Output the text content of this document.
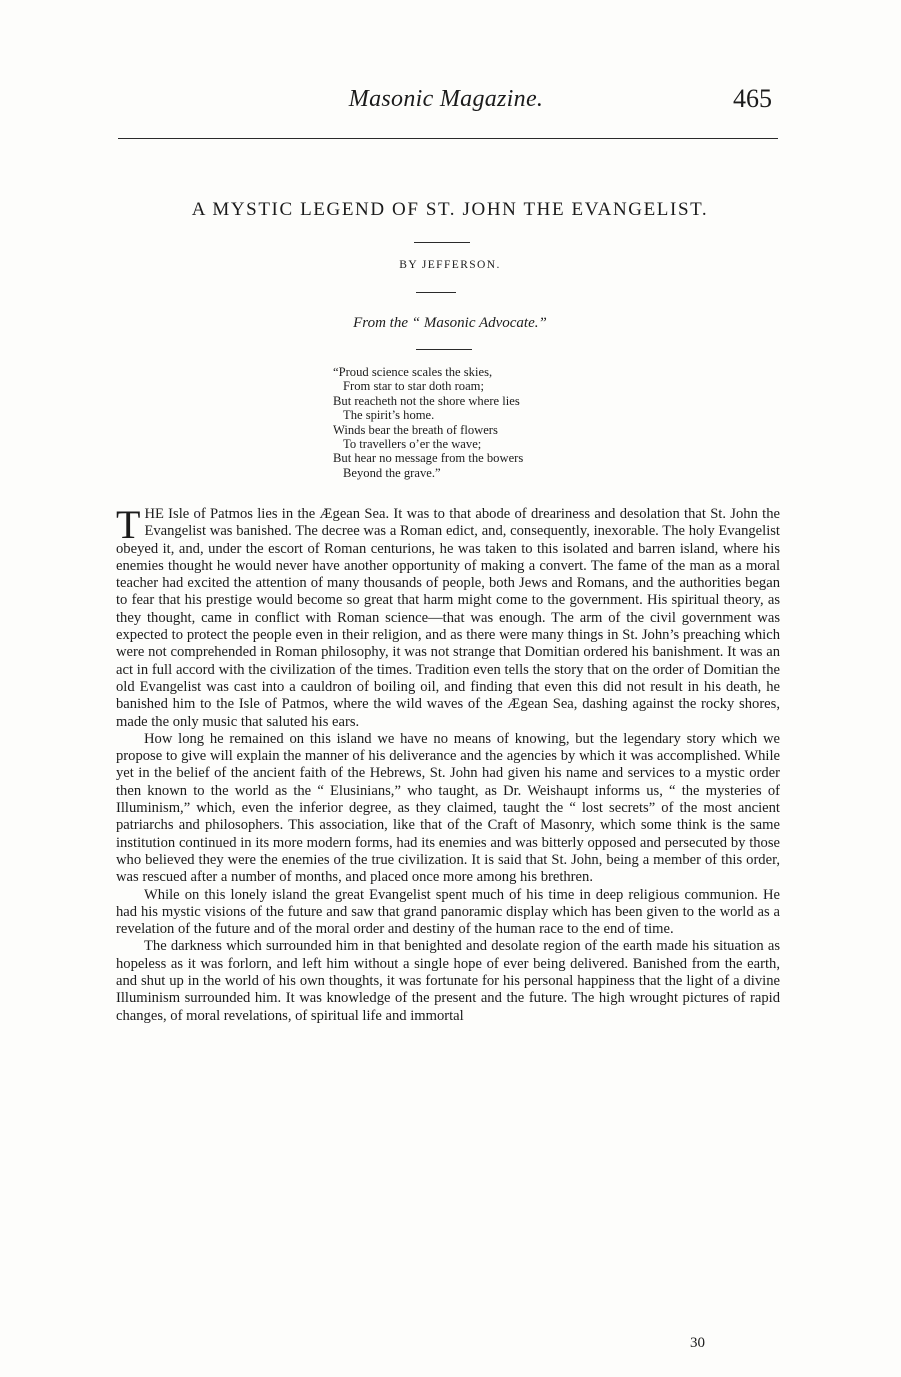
Masonic Magazine.	465
A MYSTIC LEGEND OF ST. JOHN THE EVANGELIST.
BY JEFFERSON.
From the “ Masonic Advocate.”
“Proud science scales the skies,
From star to star doth roam;
But reacheth not the shore where lies
The spirit’s home.
Winds bear the breath of flowers
To travellers o’er the wave;
But hear no message from the bowers
Beyond the grave.”

THE Isle of Patmos lies in the Ægean Sea. It was to that abode of dreariness and desolation that St. John the Evangelist was banished. The decree was a Roman edict, and, consequently, inexorable. The holy Evangelist obeyed it, and, under the escort of Roman centurions, he was taken to this isolated and barren island, where his enemies thought he would never have another opportunity of making a convert. The fame of the man as a moral teacher had excited the attention of many thousands of people, both Jews and Romans, and the authorities began to fear that his prestige would become so great that harm might come to the government. His spiritual theory, as they thought, came in conflict with Roman science—that was enough. The arm of the civil government was expected to protect the people even in their religion, and as there were many things in St. John’s preaching which were not comprehended in Roman philosophy, it was not strange that Domitian ordered his banishment. It was an act in full accord with the civilization of the times. Tradition even tells the story that on the order of Domitian the old Evangelist was cast into a cauldron of boiling oil, and finding that even this did not result in his death, he banished him to the Isle of Patmos, where the wild waves of the Ægean Sea, dashing against the rocky shores, made the only music that saluted his ears.

How long he remained on this island we have no means of knowing, but the legendary story which we propose to give will explain the manner of his deliverance and the agencies by which it was accomplished. While yet in the belief of the ancient faith of the Hebrews, St. John had given his name and services to a mystic order then known to the world as the “ Elusinians,” who taught, as Dr. Weishaupt informs us, “ the mysteries of Illuminism,” which, even the inferior degree, as they claimed, taught the “ lost secrets” of the most ancient patriarchs and philosophers. This association, like that of the Craft of Masonry, which some think is the same institution continued in its more modern forms, had its enemies and was bitterly opposed and persecuted by those who believed they were the enemies of the true civilization. It is said that St. John, being a member of this order, was rescued after a number of months, and placed once more among his brethren.

While on this lonely island the great Evangelist spent much of his time in deep religious communion. He had his mystic visions of the future and saw that grand panoramic display which has been given to the world as a revelation of the future and of the moral order and destiny of the human race to the end of time.

The darkness which surrounded him in that benighted and desolate region of the earth made his situation as hopeless as it was forlorn, and left him without a single hope of ever being delivered. Banished from the earth, and shut up in the world of his own thoughts, it was fortunate for his personal happiness that the light of a divine Illuminism surrounded him. It was knowledge of the present and the future. The high wrought pictures of rapid changes, of moral revelations, of spiritual life and immortal

30
